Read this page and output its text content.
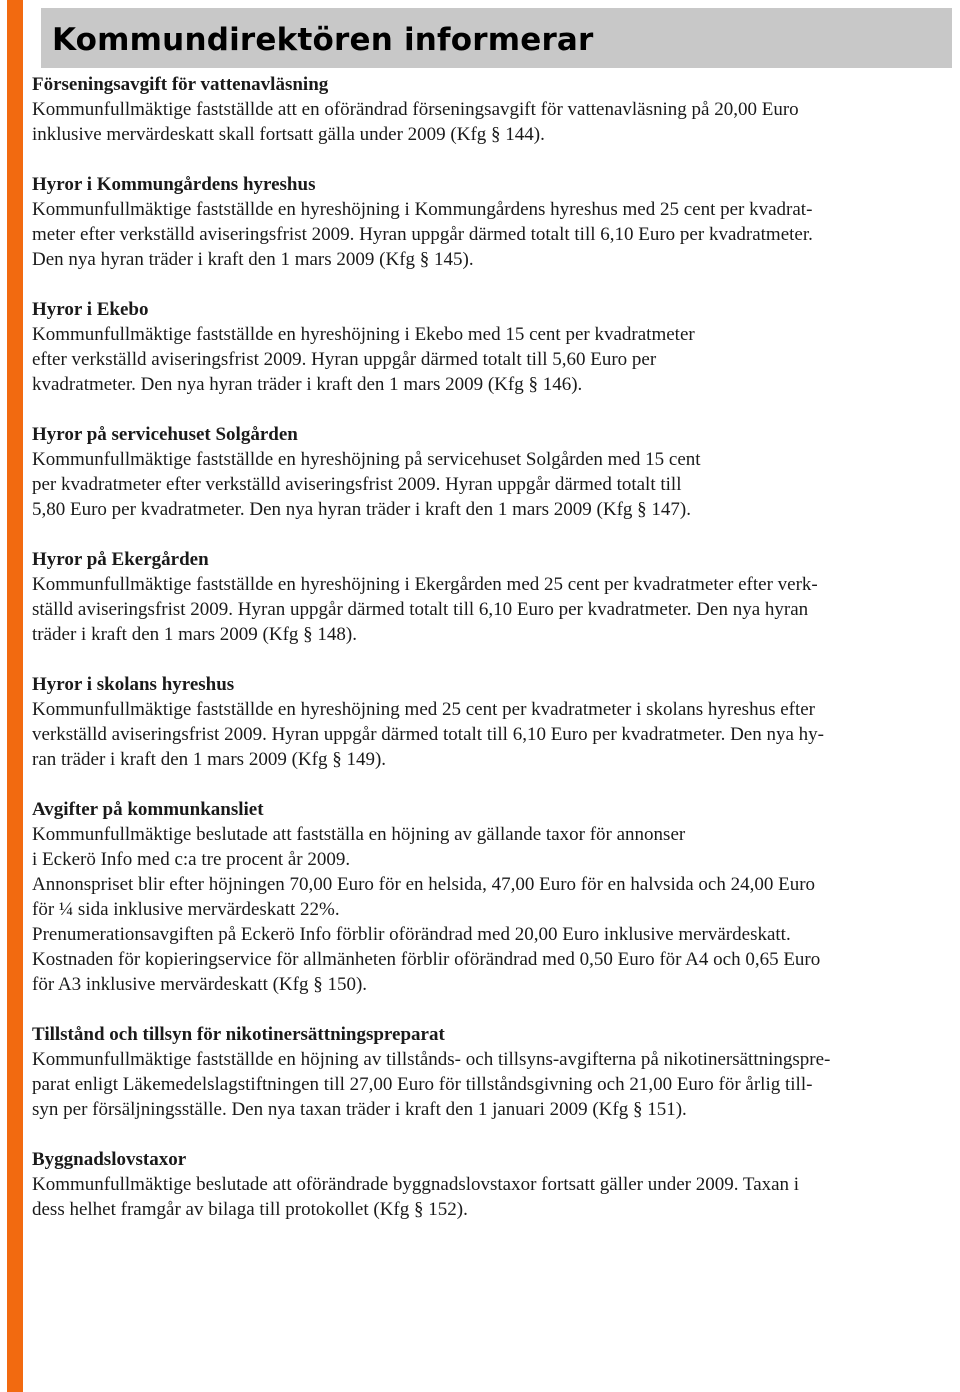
Kommundirektören informerar

Förseningsavgift för vattenavläsning

Kommunfullmäktige fastställde att en oförändrad förseningsavgift för vattenavläsning på 20,00 Euro
inklusive mervärdeskatt skall fortsatt gälla under 2009 (Kfg § 144).

Hyror i Kommungårdens hyreshus

Kommunfullmäktige fastställde en hyreshöjning i Kommungårdens hyreshus med 25 cent per kvadrat-
meter efter verkställd aviseringsfrist 2009. Hyran uppgår därmed totalt till 6,10 Euro per kvadratmeter.

Den nya hyran träder i kraft den 1 mars 2009 (Kfg § 145).

Hyror i Ekebo

Kommunfullmäktige fastställde en hyreshöjning i Ekebo med 15 cent per kvadratmeter
efter verkställd aviseringsfrist 2009. Hyran uppgår därmed totalt till 5,60 Euro per
kvadratmeter. Den nya hyran träder i kraft den 1 mars 2009 (Kfg § 146).

Hyror på servicehuset Solgården

Kommunfullmäktige fastställde en hyreshöjning på servicehuset Solgården med 15 cent
per kvadratmeter efter verkställd aviseringsfrist 2009. Hyran uppgår därmed totalt till
5,80 Euro per kvadratmeter. Den nya hyran träder i kraft den 1 mars 2009 (Kfg § 147).

Hyror på Ekergården

Kommunfullmäktige fastställde en hyreshöjning i Ekergården med 25 cent per kvadratmeter efter verk-
ställd aviseringsfrist 2009. Hyran uppgår därmed totalt till 6,10 Euro per kvadratmeter. Den nya hyran
träder i kraft den 1 mars 2009 (Kfg § 148).

Hyror i skolans hyreshus

Kommunfullmäktige fastställde en hyreshöjning med 25 cent per kvadratmeter i skolans hyreshus efter
verkställd aviseringsfrist 2009. Hyran uppgår därmed totalt till 6,10 Euro per kvadratmeter. Den nya hy-
ran träder i kraft den 1 mars 2009 (Kfg § 149).

Avgifter på kommunkansliet

Kommunfullmäktige beslutade att fastställa en höjning av gällande taxor för annonser
i Eckerö Info med c:a tre procent år 2009.
Annonspriset blir efter höjningen 70,00 Euro för en helsida, 47,00 Euro för en halvsida och 24,00 Euro
för ¼ sida inklusive mervärdeskatt 22%.

Prenumerationsavgiften på Eckerö Info förblir oförändrad med 20,00 Euro inklusive mervärdeskatt.

Kostnaden för kopieringservice för allmänheten förblir oförändrad med 0,50 Euro för A4 och 0,65 Euro
för A3 inklusive mervärdeskatt (Kfg § 150).

Tillstånd och tillsyn för nikotinersättningspreparat

Kommunfullmäktige fastställde en höjning av tillstånds- och tillsyns-avgifterna på nikotinersättningspre-
parat enligt Läkemedelslagstiftningen till 27,00 Euro för tillståndsgivning och 21,00 Euro för årlig till-
syn per försäljningsställe. Den nya taxan träder i kraft den 1 januari 2009 (Kfg § 151).

Byggnadslovstaxor

Kommunfullmäktige beslutade att oförändrade byggnadslovstaxor fortsatt gäller under 2009. Taxan i
dess helhet framgår av bilaga till protokollet (Kfg § 152).
